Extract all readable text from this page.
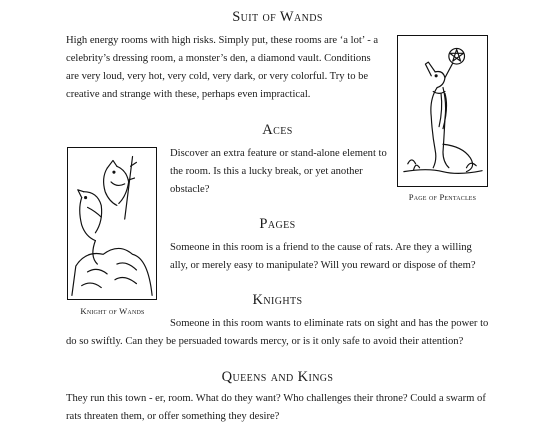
Suit of Wands

High energy rooms with high risks. Simply put, these rooms are ‘a lot’ - a celebrity’s dressing room, a monster’s den, a diamond vault. Conditions are very loud, very hot, very cold, very dark, or very colorful. Try to be creative and strange with these, perhaps even impractical.

Page of Pentacles
Aces

Discover an extra feature or stand-alone element to the room. Is this a lucky break, or yet another obstacle?

Knight of Wands
Pages

Someone in this room is a friend to the cause of rats. Are they a willing ally, or merely easy to manipulate? Will you reward or dispose of them?

Knights

Someone in this room wants to eliminate rats on sight and has the power to do so swiftly. Can they be persuaded towards mercy, or is it only safe to avoid their attention?

Queens and Kings

They run this town - er, room. What do they want? Who challenges their throne? Could a swarm of rats threaten them, or offer something they desire?
